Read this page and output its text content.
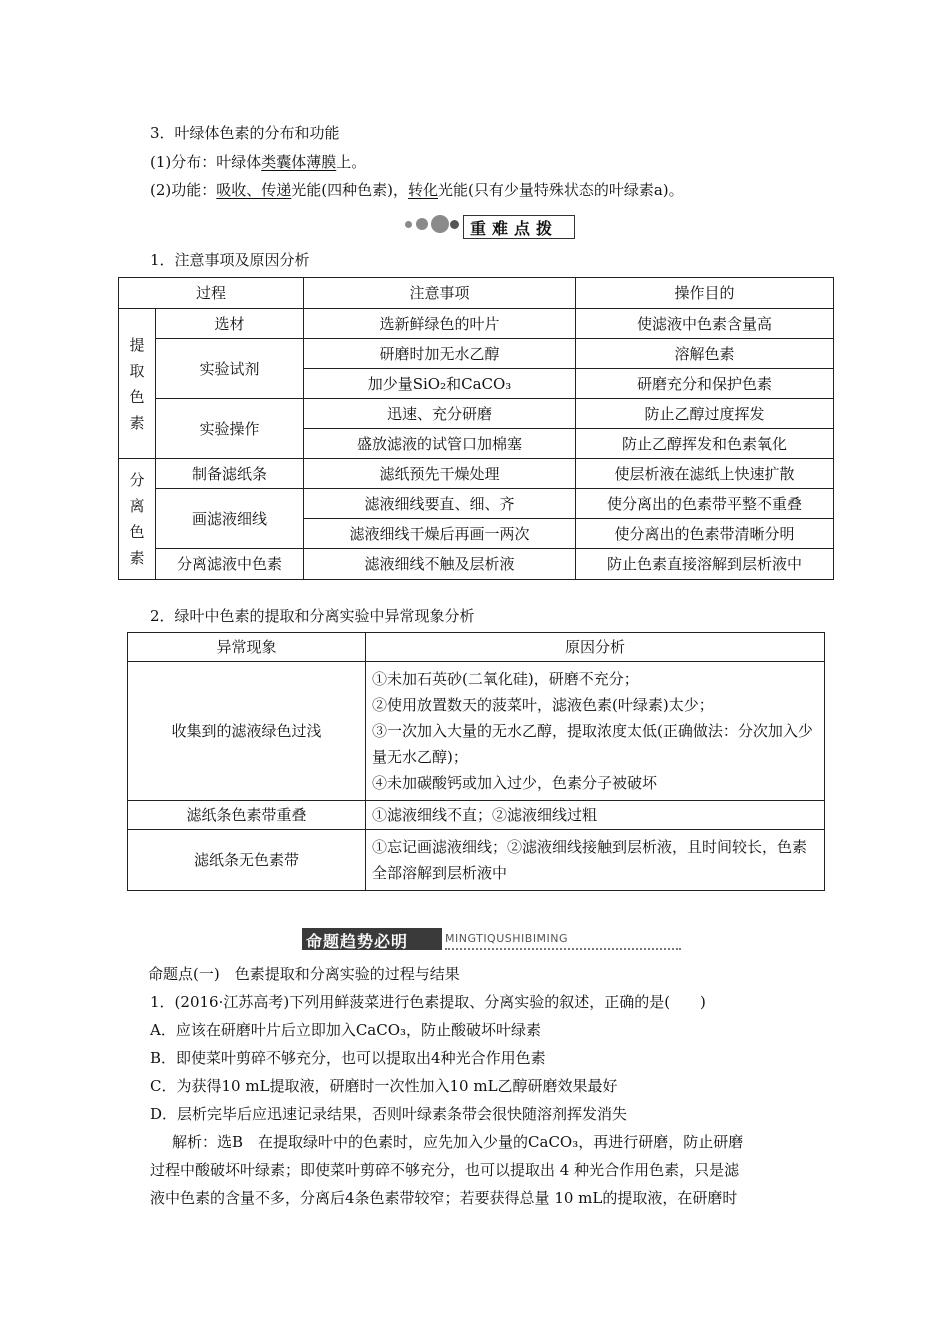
3．叶绿体色素的分布和功能
(1)分布：叶绿体类囊体薄膜上。
(2)功能：吸收、传递光能(四种色素)，转化光能(只有少量特殊状态的叶绿素a)。
重难点拨
1．注意事项及原因分析
过程		注意事项	操作目的

提取色素	选材	选新鲜绿色的叶片	使滤液中色素含量高
	实验试剂	研磨时加无水乙醇	溶解色素
		加少量SiO₂和CaCO₃	研磨充分和保护色素
	实验操作	迅速、充分研磨	防止乙醇过度挥发
		盛放滤液的试管口加棉塞	防止乙醇挥发和色素氧化

分离色素	制备滤纸条	滤纸预先干燥处理	使层析液在滤纸上快速扩散
	画滤液细线	滤液细线要直、细、齐	使分离出的色素带平整不重叠
		滤液细线干燥后再画一两次	使分离出的色素带清晰分明
	分离滤液中色素	滤液细线不触及层析液	防止色素直接溶解到层析液中
2．绿叶中色素的提取和分离实验中异常现象分析
异常现象	原因分析
收集到的滤液绿色过浅	①未加石英砂(二氧化硅)，研磨不充分；
②使用放置数天的菠菜叶，滤液色素(叶绿素)太少；
③一次加入大量的无水乙醇，提取浓度太低(正确做法：分次加入少量无水乙醇)；
④未加碳酸钙或加入过少，色素分子被破坏

滤纸条色素带重叠	①滤液细线不直；②滤液细线过粗

滤纸条无色素带	①忘记画滤液细线；②滤液细线接触到层析液，且时间较长，色素全部溶解到层析液中
命题趋势必明	MINGTIQUSHIBIMING
命题点(一)　色素提取和分离实验的过程与结果
1．(2016·江苏高考)下列用鲜菠菜进行色素提取、分离实验的叙述，正确的是(　　)
A．应该在研磨叶片后立即加入CaCO₃，防止酸破坏叶绿素
B．即使菜叶剪碎不够充分，也可以提取出4种光合作用色素
C．为获得10 mL提取液，研磨时一次性加入10 mL乙醇研磨效果最好
D．层析完毕后应迅速记录结果，否则叶绿素条带会很快随溶剂挥发消失
解析：选B　在提取绿叶中的色素时，应先加入少量的CaCO₃，再进行研磨，防止研磨
过程中酸破坏叶绿素；即使菜叶剪碎不够充分，也可以提取出 4 种光合作用色素，只是滤
液中色素的含量不多，分离后4条色素带较窄；若要获得总量 10 mL的提取液，在研磨时
